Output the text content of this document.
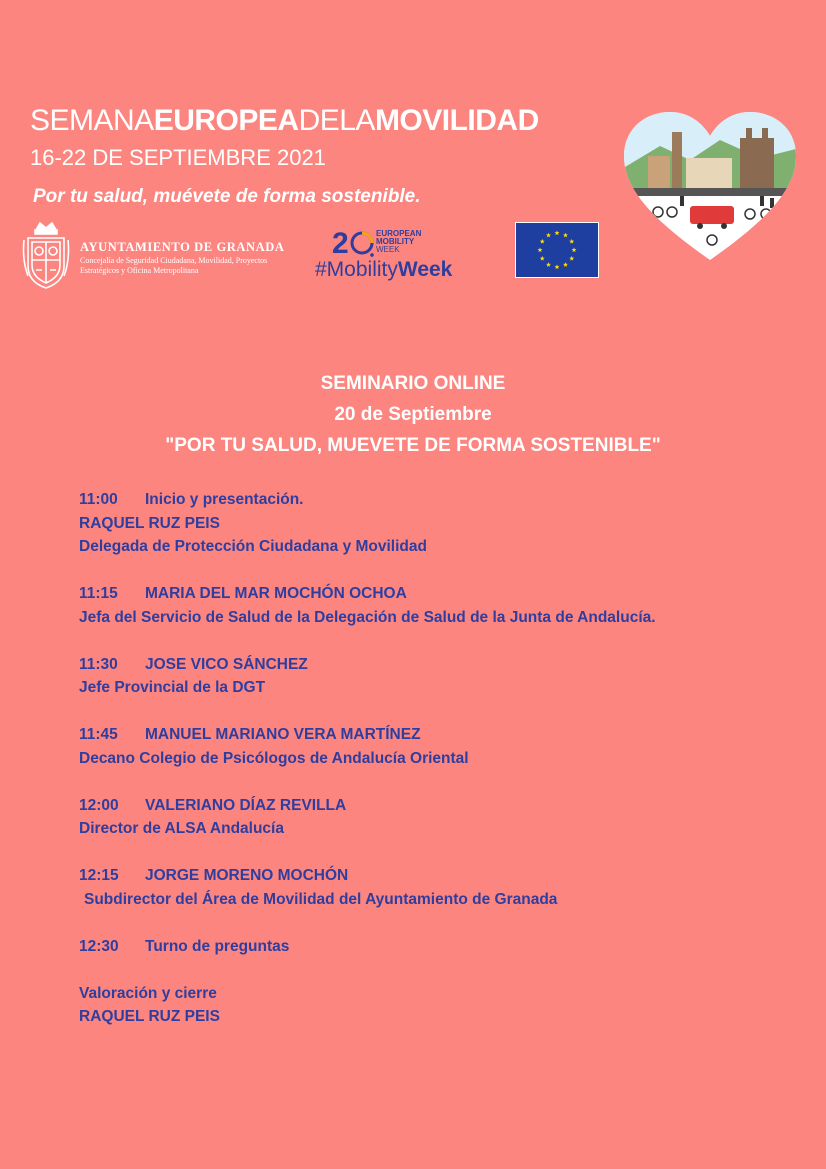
SEMANAEUROPEADELAMOVILIDAD
16-22 DE SEPTIEMBRE 2021
Por tu salud, muévete de forma sostenible.
AYUNTAMIENTO DE GRANADA
Concejalía de Seguridad Ciudadana, Movilidad, Proyectos Estratégicos y Oficina Metropolitana
2	EUROPEAN
MOBILITY
WEEK
#MobilityWeek
SEMINARIO ONLINE
20 de Septiembre
"POR TU SALUD, MUEVETE DE FORMA SOSTENIBLE"
11:00 Inicio y presentación.
RAQUEL RUZ PEIS
Delegada de Protección Ciudadana y Movilidad
11:15 MARIA DEL MAR MOCHÓN OCHOA
Jefa del Servicio de Salud de la Delegación de Salud de la Junta de Andalucía.
11:30 JOSE VICO SÁNCHEZ
Jefe Provincial de la DGT
11:45 MANUEL MARIANO VERA MARTÍNEZ
Decano Colegio de Psicólogos de Andalucía Oriental
12:00 VALERIANO DÍAZ REVILLA
Director de ALSA Andalucía
12:15 JORGE MORENO MOCHÓN
Subdirector del Área de Movilidad del Ayuntamiento de Granada
12:30 Turno de preguntas
Valoración y cierre
RAQUEL RUZ PEIS
